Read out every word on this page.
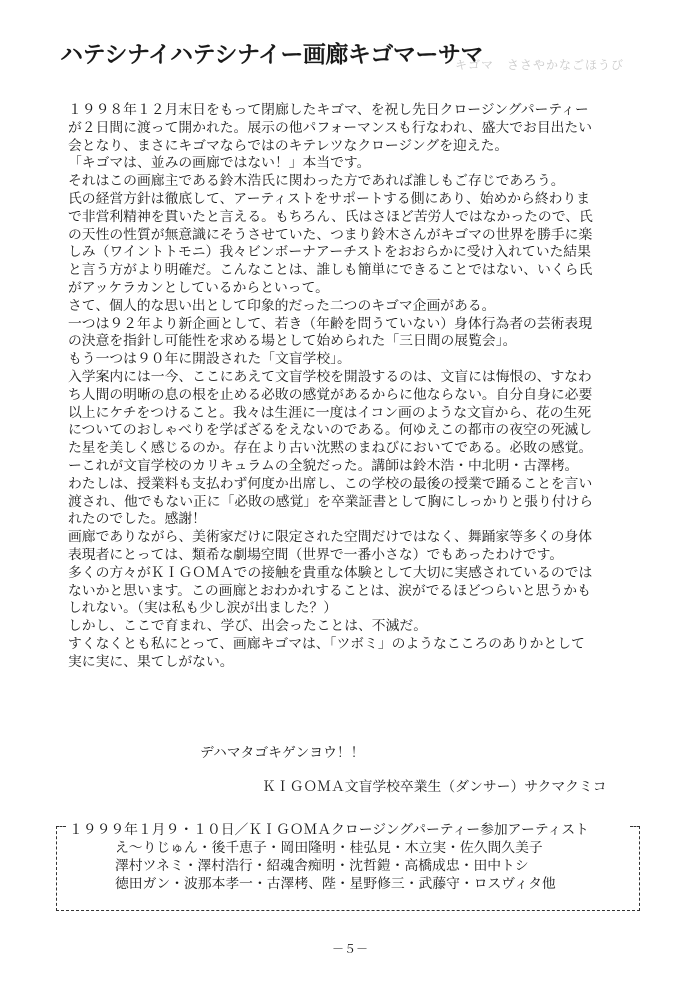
ハテシナイハテシナイー画廊キゴマーサマ
キゴマ　ささやかなごほうび

１９９８年１２月末日をもって閉廊したキゴマ、を祝し先日クロージングパーティー

が２日間に渡って開かれた。展示の他パフォーマンスも行なわれ、盛大でお目出たい

会となり、まさにキゴマならではのキテレツなクロージングを迎えた。

「キゴマは、並みの画廊ではない！」本当です。

それはこの画廊主である鈴木浩氏に関わった方であれば誰しもご存じであろう。

氏の経営方針は徹底して、アーティストをサポートする側にあり、始めから終わりま

で非営利精神を貫いたと言える。もちろん、氏はさほど苦労人ではなかったので、氏

の天性の性質が無意識にそうさせていた、つまり鈴木さんがキゴマの世界を勝手に楽

しみ（ワイントトモニ）我々ビンボーナアーチストをおおらかに受け入れていた結果

と言う方がより明確だ。こんなことは、誰しも簡単にできることではない、いくら氏

がアッケラカンとしているからといって。

さて、個人的な思い出として印象的だった二つのキゴマ企画がある。

一つは９２年より新企画として、若き（年齢を問うていない）身体行為者の芸術表現

の決意を指針し可能性を求める場として始められた「三日間の展覧会」。

もう一つは９０年に開設された「文盲学校」。

入学案内には一今、ここにあえて文盲学校を開設するのは、文盲には悔恨の、すなわ

ち人間の明晰の息の根を止める必敗の感覚があるからに他ならない。自分自身に必要

以上にケチをつけること。我々は生涯に一度はイコン画のような文盲から、花の生死

についてのおしゃべりを学ばざるをえないのである。何ゆえこの都市の夜空の死滅し

た星を美しく感じるのか。存在より古い沈黙のまねびにおいてである。必敗の感覚。

ーこれが文盲学校のカリキュラムの全貌だった。講師は鈴木浩・中北明・古澤栲。

わたしは、授業料も支払わず何度か出席し、この学校の最後の授業で踊ることを言い

渡され、他でもない正に「必敗の感覚」を卒業証書として胸にしっかりと張り付けら

れたのでした。感謝！

画廊でありながら、美術家だけに限定された空間だけではなく、舞踊家等多くの身体

表現者にとっては、類希な劇場空間（世界で一番小さな）でもあったわけです。

多くの方々がＫＩＧＯＭＡでの接触を貴重な体験として大切に実感されているのでは

ないかと思います。この画廊とおわかれすることは、涙がでるほどつらいと思うかも

しれない。（実は私も少し涙が出ました？）

しかし、ここで育まれ、学び、出会ったことは、不滅だ。

すくなくとも私にとって、画廊キゴマは、「ツボミ」のようなこころのありかとして

実に実に、果てしがない。

デハマタゴキゲンヨウ！！

ＫＩＧＯＭＡ文盲学校卒業生（ダンサー）サクマクミコ

１９９９年１月９・１０日／ＫＩＧＯＭＡクロージングパーティー参加アーティスト
え〜りじゅん・後千恵子・岡田隆明・桂弘見・木立実・佐久間久美子
澤村ツネミ・澤村浩行・紹魂舎痴明・沈哲鎧・高橋成忠・田中トシ
徳田ガン・波那本孝一・古澤栲、陛・星野修三・武藤守・ロスヴィタ他

－５－
